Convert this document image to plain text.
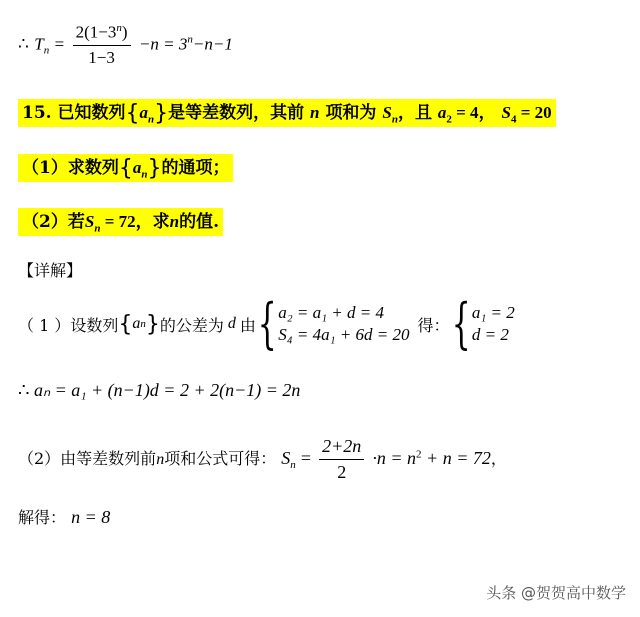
∴ $T_n = \frac{2(1-3^n)}{1-3} -n = 3^n-n-1$
15. 已知数列$\{a_n\}$是等差数列，其前 n 项和为 $S_n$，且 $a_2 = 4$， $S_4 = 20$
（1）求数列$\{a_n\}$的通项；
（2）若$S_n = 72$，求n的值.
【详解】
（ 1 ）设数列 { a n } 的公差为 d 由 { a₂ = a₁ + d = 4
S₄ = 4a₁ + 6d = 20 得： { a₁ = 2
d = 2
∴ aₙ = a₁ + (n−1)d = 2 + 2(n−1) = 2n
（2）由等差数列前n项和公式可得： $S_n = \frac{2+2n}{2} \cdot n = n^2 + n = 72$，
解得： n = 8
头条 @贺贺高中数学
